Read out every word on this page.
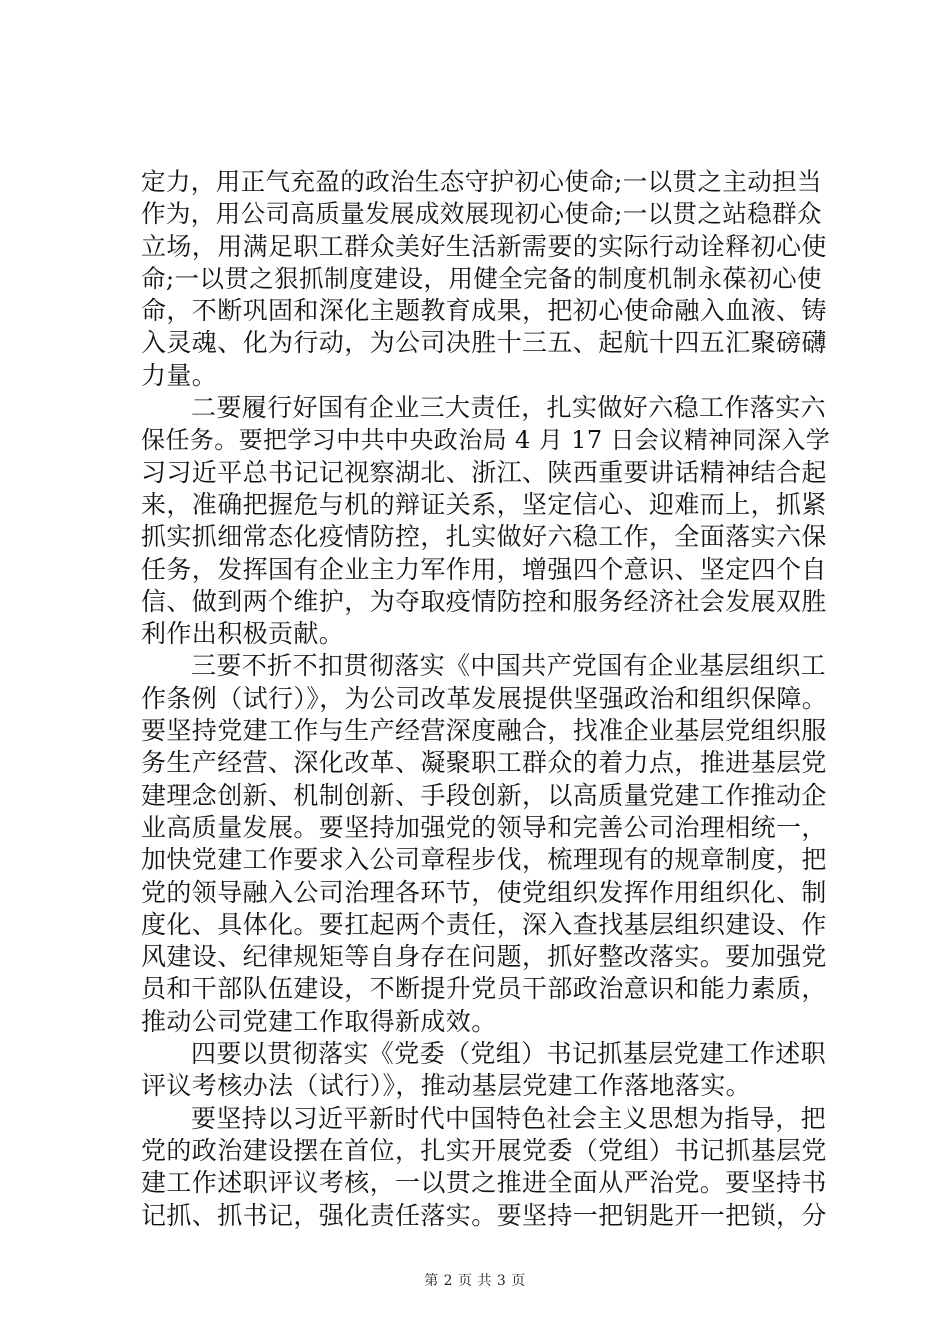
定力，用正气充盈的政治生态守护初心使命;一以贯之主动担当
作为，用公司高质量发展成效展现初心使命;一以贯之站稳群众
立场，用满足职工群众美好生活新需要的实际行动诠释初心使
命;一以贯之狠抓制度建设，用健全完备的制度机制永葆初心使
命，不断巩固和深化主题教育成果，把初心使命融入血液、铸
入灵魂、化为行动，为公司决胜十三五、起航十四五汇聚磅礴
力量。
二要履行好国有企业三大责任，扎实做好六稳工作落实六
保任务。要把学习中共中央政治局 4 月 17 日会议精神同深入学
习习近平总书记记视察湖北、浙江、陕西重要讲话精神结合起
来，准确把握危与机的辩证关系，坚定信心、迎难而上，抓紧
抓实抓细常态化疫情防控，扎实做好六稳工作，全面落实六保
任务，发挥国有企业主力军作用，增强四个意识、坚定四个自
信、做到两个维护，为夺取疫情防控和服务经济社会发展双胜
利作出积极贡献。
三要不折不扣贯彻落实《中国共产党国有企业基层组织工
作条例（试行）》，为公司改革发展提供坚强政治和组织保障。
要坚持党建工作与生产经营深度融合，找准企业基层党组织服
务生产经营、深化改革、凝聚职工群众的着力点，推进基层党
建理念创新、机制创新、手段创新，以高质量党建工作推动企
业高质量发展。要坚持加强党的领导和完善公司治理相统一，
加快党建工作要求入公司章程步伐，梳理现有的规章制度，把
党的领导融入公司治理各环节，使党组织发挥作用组织化、制
度化、具体化。要扛起两个责任，深入查找基层组织建设、作
风建设、纪律规矩等自身存在问题，抓好整改落实。要加强党
员和干部队伍建设，不断提升党员干部政治意识和能力素质，
推动公司党建工作取得新成效。
四要以贯彻落实《党委（党组）书记抓基层党建工作述职
评议考核办法（试行）》，推动基层党建工作落地落实。
要坚持以习近平新时代中国特色社会主义思想为指导，把
党的政治建设摆在首位，扎实开展党委（党组）书记抓基层党
建工作述职评议考核，一以贯之推进全面从严治党。要坚持书
记抓、抓书记，强化责任落实。要坚持一把钥匙开一把锁，分
第 2 页 共 3 页
